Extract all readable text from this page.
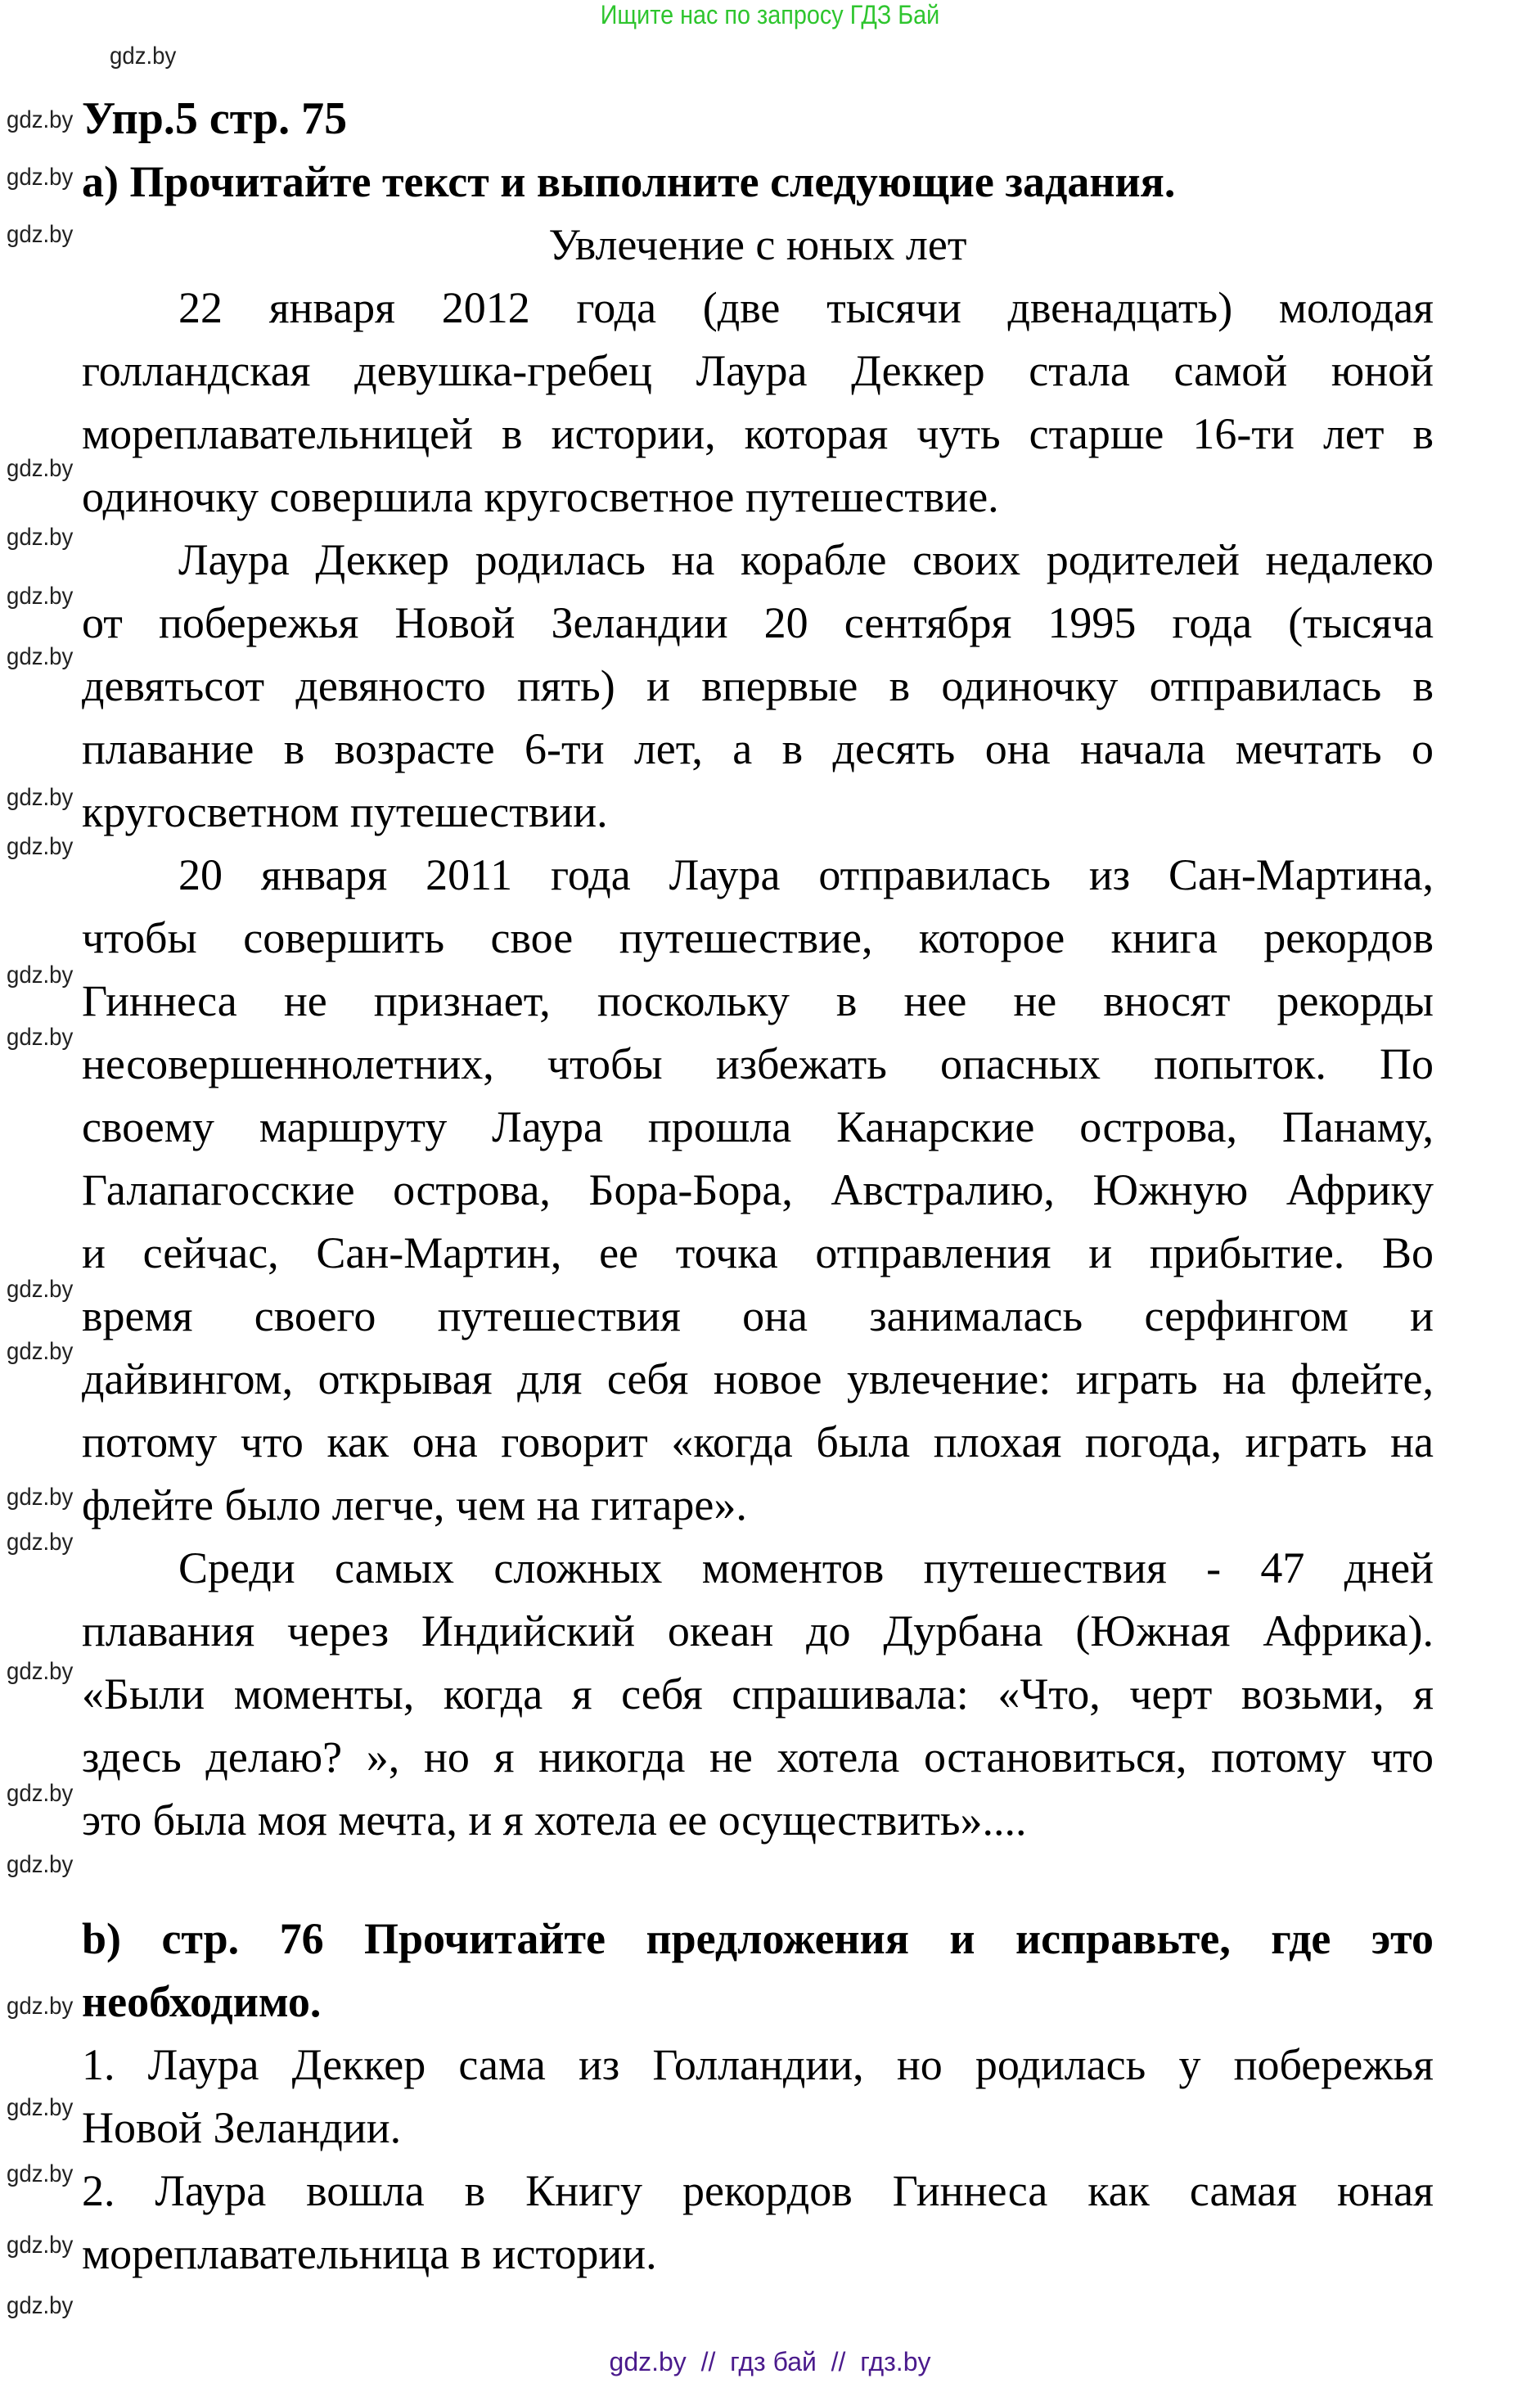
Ищите нас по запросу ГДЗ Бай
Упр.5 стр. 75
a) Прочитайте текст и выполните следующие задания.
Увлечение с юных лет
22 января 2012 года (две тысячи двенадцать) молодая
голландская девушка-гребец Лаура Деккер стала самой юной
мореплавательницей в истории, которая чуть старше 16-ти лет в
одиночку совершила кругосветное путешествие.
Лаура Деккер родилась на корабле своих родителей недалеко
от побережья Новой Зеландии 20 сентября 1995 года (тысяча
девятьсот девяносто пять) и впервые в одиночку отправилась в
плавание в возрасте 6-ти лет, а в десять она начала мечтать о
кругосветном путешествии.
20 января 2011 года Лаура отправилась из Сан-Мартина,
чтобы совершить свое путешествие, которое книга рекордов
Гиннеса не признает, поскольку в нее не вносят рекорды
несовершеннолетних, чтобы избежать опасных попыток. По
своему маршруту Лаура прошла Канарские острова, Панаму,
Галапагосские острова, Бора-Бора, Австралию, Южную Африку
и сейчас, Сан-Мартин, ее точка отправления и прибытие. Во
время своего путешествия она занималась серфингом и
дайвингом, открывая для себя новое увлечение: играть на флейте,
потому что как она говорит «когда была плохая погода, играть на
флейте было легче, чем на гитаре».
Среди самых сложных моментов путешествия - 47 дней
плавания через Индийский океан до Дурбана (Южная Африка).
«Были моменты, когда я себя спрашивала: «Что, черт возьми, я
здесь делаю? », но я никогда не хотела остановиться, потому что
это была моя мечта, и я хотела ее осуществить»....
b) стр. 76 Прочитайте предложения и исправьте, где это
необходимо.
1. Лаура Деккер сама из Голландии, но родилась у побережья
Новой Зеландии.
2. Лаура вошла в Книгу рекордов Гиннеса как самая юная
мореплавательница в истории.
gdz.by
gdz.by
gdz.by
gdz.by
gdz.by
gdz.by
gdz.by
gdz.by
gdz.by
gdz.by
gdz.by
gdz.by
gdz.by
gdz.by
gdz.by
gdz.by
gdz.by
gdz.by
gdz.by
gdz.by
gdz.by
gdz.by
gdz.by
gdz.by
gdz.by  //  гдз бай  //  гдз.by
